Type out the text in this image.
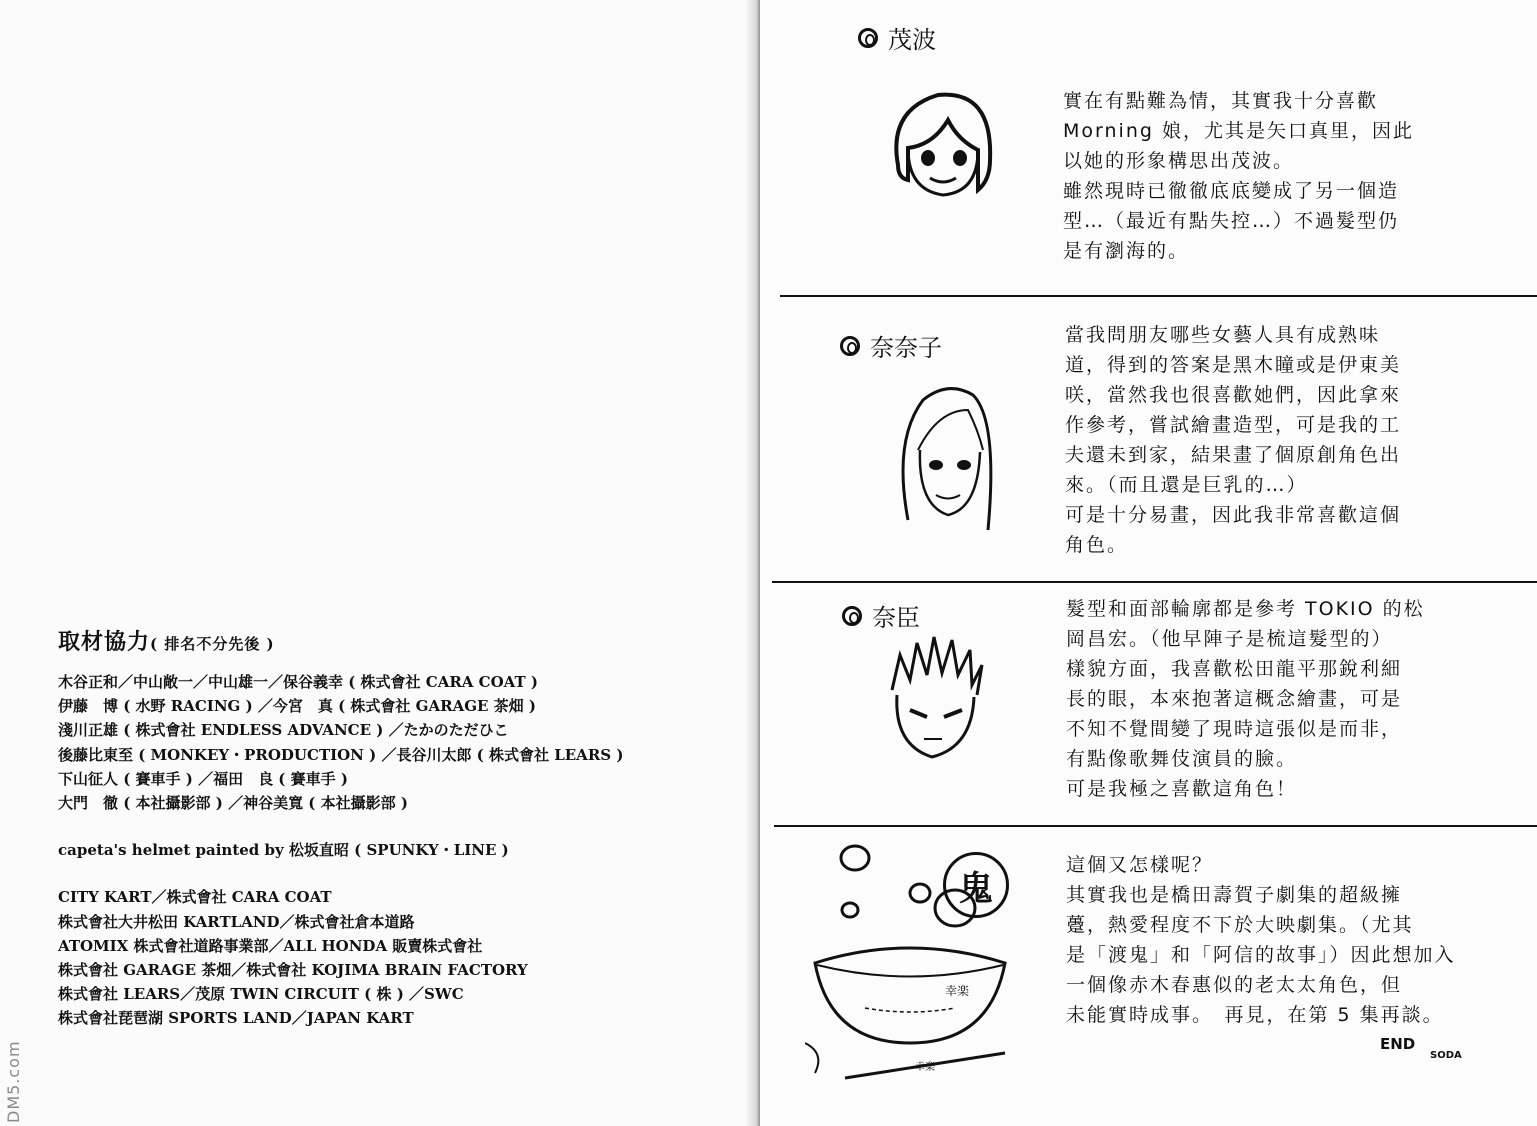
取材協力( 排名不分先後 )
木谷正和／中山敞一／中山雄一／保谷義幸 ( 株式會社 CARA COAT )
伊藤　博 ( 水野 RACING ) ／今宮　真 ( 株式會社 GARAGE 茶畑 )
淺川正雄 ( 株式會社 ENDLESS ADVANCE ) ／たかのただひこ
後藤比東至 ( MONKEY・PRODUCTION ) ／長谷川太郎 ( 株式會社 LEARS )
下山征人 ( 賽車手 ) ／福田　良 ( 賽車手 )
大門　徹 ( 本社攝影部 ) ／神谷美寬 ( 本社攝影部 )
capeta's helmet painted by 松坂直昭 ( SPUNKY・LINE )
CITY KART／株式會社 CARA COAT
株式會社大井松田 KARTLAND／株式會社倉本道路
ATOMIX 株式會社道路事業部／ALL HONDA 販賣株式會社
株式會社 GARAGE 茶畑／株式會社 KOJIMA BRAIN FACTORY
株式會社 LEARS／茂原 TWIN CIRCUIT ( 株 ) ／SWC
株式會社琵琶湖 SPORTS LAND／JAPAN KART
DM5.com
茂波
實在有點難為情，其實我十分喜歡
Morning 娘，尤其是矢口真里，因此
以她的形象構思出茂波。
雖然現時已徹徹底底變成了另一個造
型…（最近有點失控…）不過髮型仍
是有瀏海的。
奈奈子	當我問朋友哪些女藝人具有成熟味
道，得到的答案是黑木瞳或是伊東美
咲，當然我也很喜歡她們，因此拿來
作參考，嘗試繪畫造型，可是我的工
夫還未到家，結果畫了個原創角色出
來。（而且還是巨乳的…）
可是十分易畫，因此我非常喜歡這個
角色。
奈臣	髮型和面部輪廓都是參考 TOKIO 的松
岡昌宏。（他早陣子是梳這髮型的）
樣貌方面，我喜歡松田龍平那銳利細
長的眼，本來抱著這概念繪畫，可是
不知不覺間變了現時這張似是而非，
有點像歌舞伎演員的臉。
可是我極之喜歡這角色！
幸楽
幸楽
鬼
這個又怎樣呢？
其實我也是橋田壽賀子劇集的超級擁
躉，熱愛程度不下於大映劇集。（尤其
是「渡鬼」和「阿信的故事」）因此想加入
一個像赤木春惠似的老太太角色，但
未能實時成事。　再見，在第 5 集再談。
END
SODA
